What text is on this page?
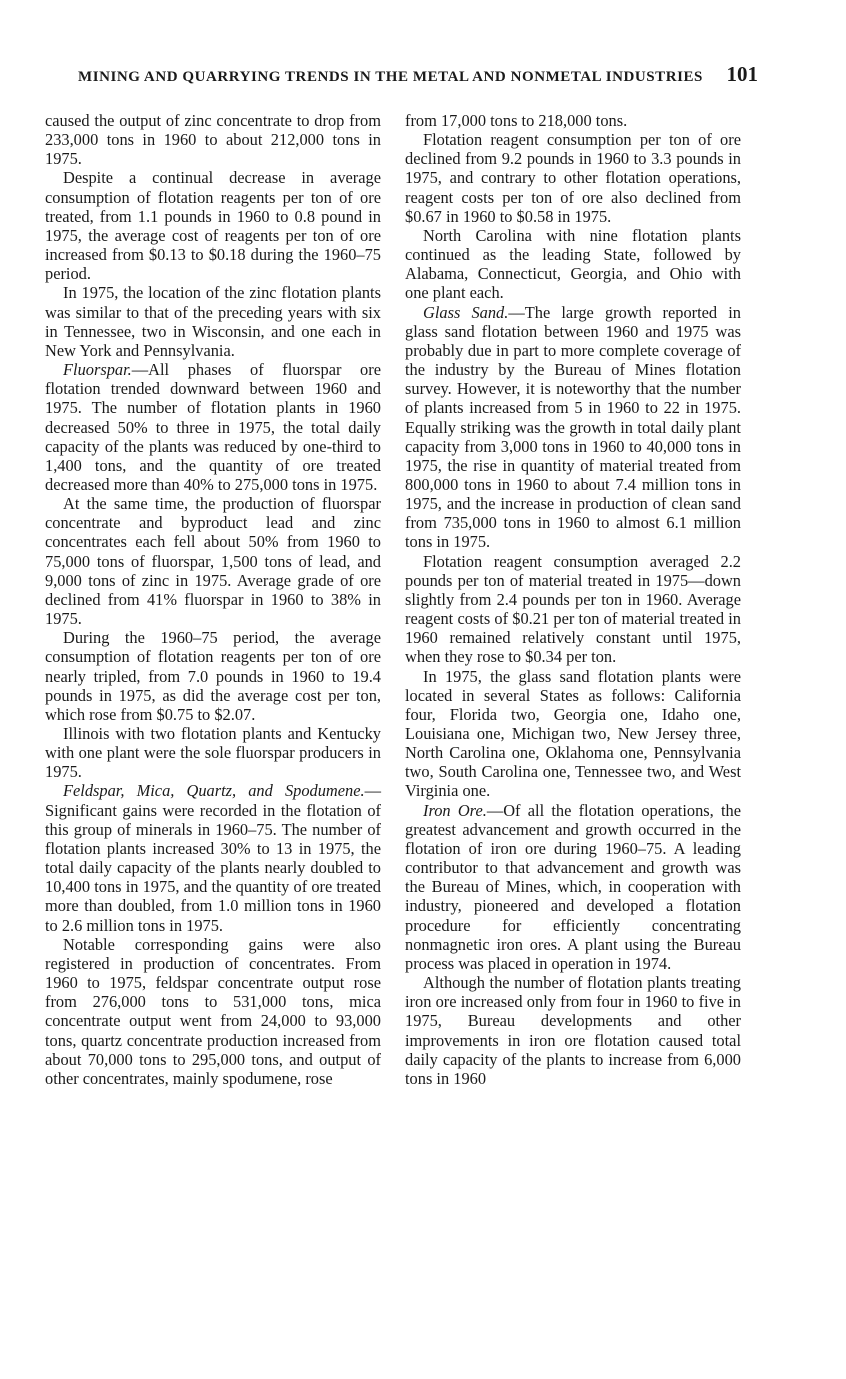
MINING AND QUARRYING TRENDS IN THE METAL AND NONMETAL INDUSTRIES 101

caused the output of zinc concentrate to drop from 233,000 tons in 1960 to about 212,000 tons in 1975.

Despite a continual decrease in average consumption of flotation reagents per ton of ore treated, from 1.1 pounds in 1960 to 0.8 pound in 1975, the average cost of reagents per ton of ore increased from $0.13 to $0.18 during the 1960–75 period.

In 1975, the location of the zinc flotation plants was similar to that of the preceding years with six in Tennessee, two in Wisconsin, and one each in New York and Pennsylvania.

Fluorspar.—All phases of fluorspar ore flotation trended downward between 1960 and 1975. The number of flotation plants in 1960 decreased 50% to three in 1975, the total daily capacity of the plants was reduced by one-third to 1,400 tons, and the quantity of ore treated decreased more than 40% to 275,000 tons in 1975.

At the same time, the production of fluorspar concentrate and byproduct lead and zinc concentrates each fell about 50% from 1960 to 75,000 tons of fluorspar, 1,500 tons of lead, and 9,000 tons of zinc in 1975. Average grade of ore declined from 41% fluorspar in 1960 to 38% in 1975.

During the 1960–75 period, the average consumption of flotation reagents per ton of ore nearly tripled, from 7.0 pounds in 1960 to 19.4 pounds in 1975, as did the average cost per ton, which rose from $0.75 to $2.07.

Illinois with two flotation plants and Kentucky with one plant were the sole fluorspar producers in 1975.

Feldspar, Mica, Quartz, and Spodumene.—Significant gains were recorded in the flotation of this group of minerals in 1960–75. The number of flotation plants increased 30% to 13 in 1975, the total daily capacity of the plants nearly doubled to 10,400 tons in 1975, and the quantity of ore treated more than doubled, from 1.0 million tons in 1960 to 2.6 million tons in 1975.

Notable corresponding gains were also registered in production of concentrates. From 1960 to 1975, feldspar concentrate output rose from 276,000 tons to 531,000 tons, mica concentrate output went from 24,000 to 93,000 tons, quartz concentrate production increased from about 70,000 tons to 295,000 tons, and output of other concentrates, mainly spodumene, rose

from 17,000 tons to 218,000 tons.

Flotation reagent consumption per ton of ore declined from 9.2 pounds in 1960 to 3.3 pounds in 1975, and contrary to other flotation operations, reagent costs per ton of ore also declined from $0.67 in 1960 to $0.58 in 1975.

North Carolina with nine flotation plants continued as the leading State, followed by Alabama, Connecticut, Georgia, and Ohio with one plant each.

Glass Sand.—The large growth reported in glass sand flotation between 1960 and 1975 was probably due in part to more complete coverage of the industry by the Bureau of Mines flotation survey. However, it is noteworthy that the number of plants increased from 5 in 1960 to 22 in 1975. Equally striking was the growth in total daily plant capacity from 3,000 tons in 1960 to 40,000 tons in 1975, the rise in quantity of material treated from 800,000 tons in 1960 to about 7.4 million tons in 1975, and the increase in production of clean sand from 735,000 tons in 1960 to almost 6.1 million tons in 1975.

Flotation reagent consumption averaged 2.2 pounds per ton of material treated in 1975—down slightly from 2.4 pounds per ton in 1960. Average reagent costs of $0.21 per ton of material treated in 1960 remained relatively constant until 1975, when they rose to $0.34 per ton.

In 1975, the glass sand flotation plants were located in several States as follows: California four, Florida two, Georgia one, Idaho one, Louisiana one, Michigan two, New Jersey three, North Carolina one, Oklahoma one, Pennsylvania two, South Carolina one, Tennessee two, and West Virginia one.

Iron Ore.—Of all the flotation operations, the greatest advancement and growth occurred in the flotation of iron ore during 1960–75. A leading contributor to that advancement and growth was the Bureau of Mines, which, in cooperation with industry, pioneered and developed a flotation procedure for efficiently concentrating nonmagnetic iron ores. A plant using the Bureau process was placed in operation in 1974.

Although the number of flotation plants treating iron ore increased only from four in 1960 to five in 1975, Bureau developments and other improvements in iron ore flotation caused total daily capacity of the plants to increase from 6,000 tons in 1960
